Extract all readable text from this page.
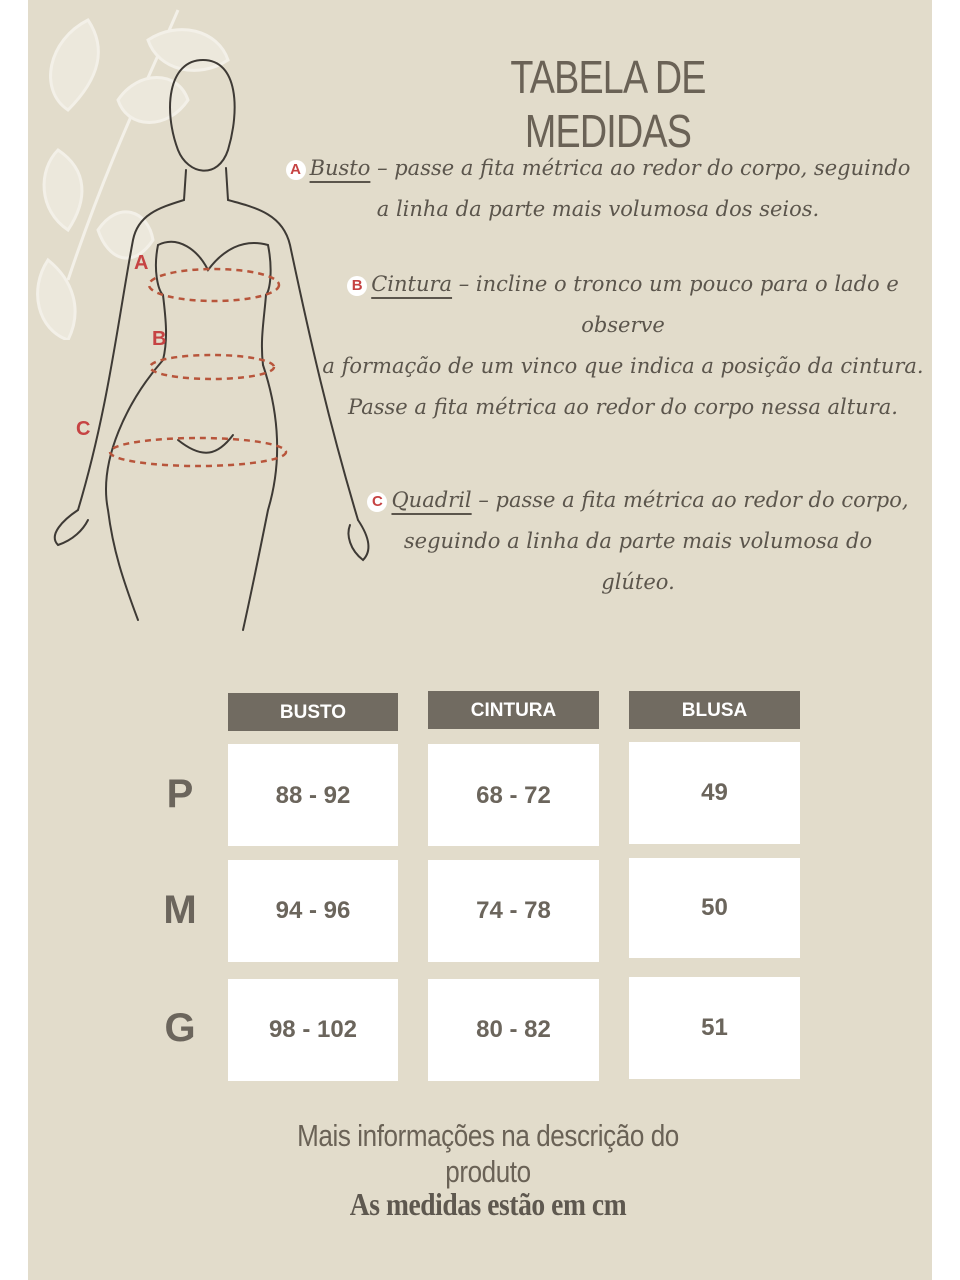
A
B
C
TABELA DE MEDIDAS
A Busto – passe a fita métrica ao redor do corpo, seguindo
a linha da parte mais volumosa dos seios.
B Cintura – incline o tronco um pouco para o lado e
observe
a formação de um vinco que indica a posição da cintura.
Passe a fita métrica ao redor do corpo nessa altura.
C Quadril – passe a fita métrica ao redor do corpo,
seguindo a linha da parte mais volumosa do
glúteo.
BUSTO	CINTURA	BLUSA
P	88 - 92	68 - 72	49
M	94 - 96	74 - 78	50
G	98 - 102	80 - 82	51
Mais informações na descrição do produto
As medidas estão em cm
